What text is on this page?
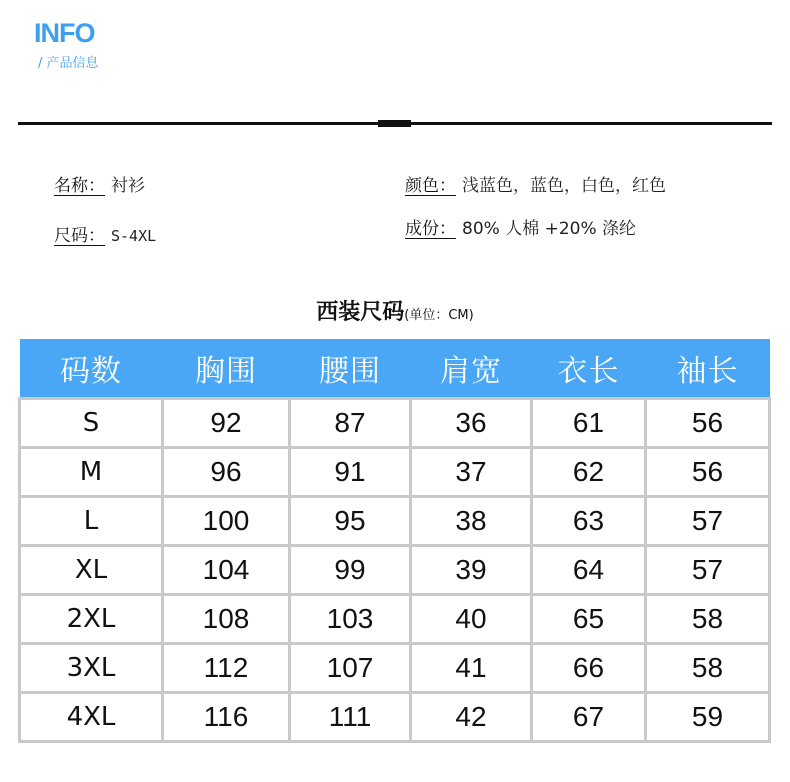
INFO
/ 产品信息
名称： 衬衫
尺码： S-4XL
颜色： 浅蓝色，蓝色，白色，红色
成份： 80% 人棉 +20% 涤纶
西装尺码(单位：CM)
码数	胸围	腰围	肩宽	衣长	袖长
S	92	87	36	61	56
M	96	91	37	62	56
L	100	95	38	63	57
XL	104	99	39	64	57
2XL	108	103	40	65	58
3XL	112	107	41	66	58
4XL	116	111	42	67	59
